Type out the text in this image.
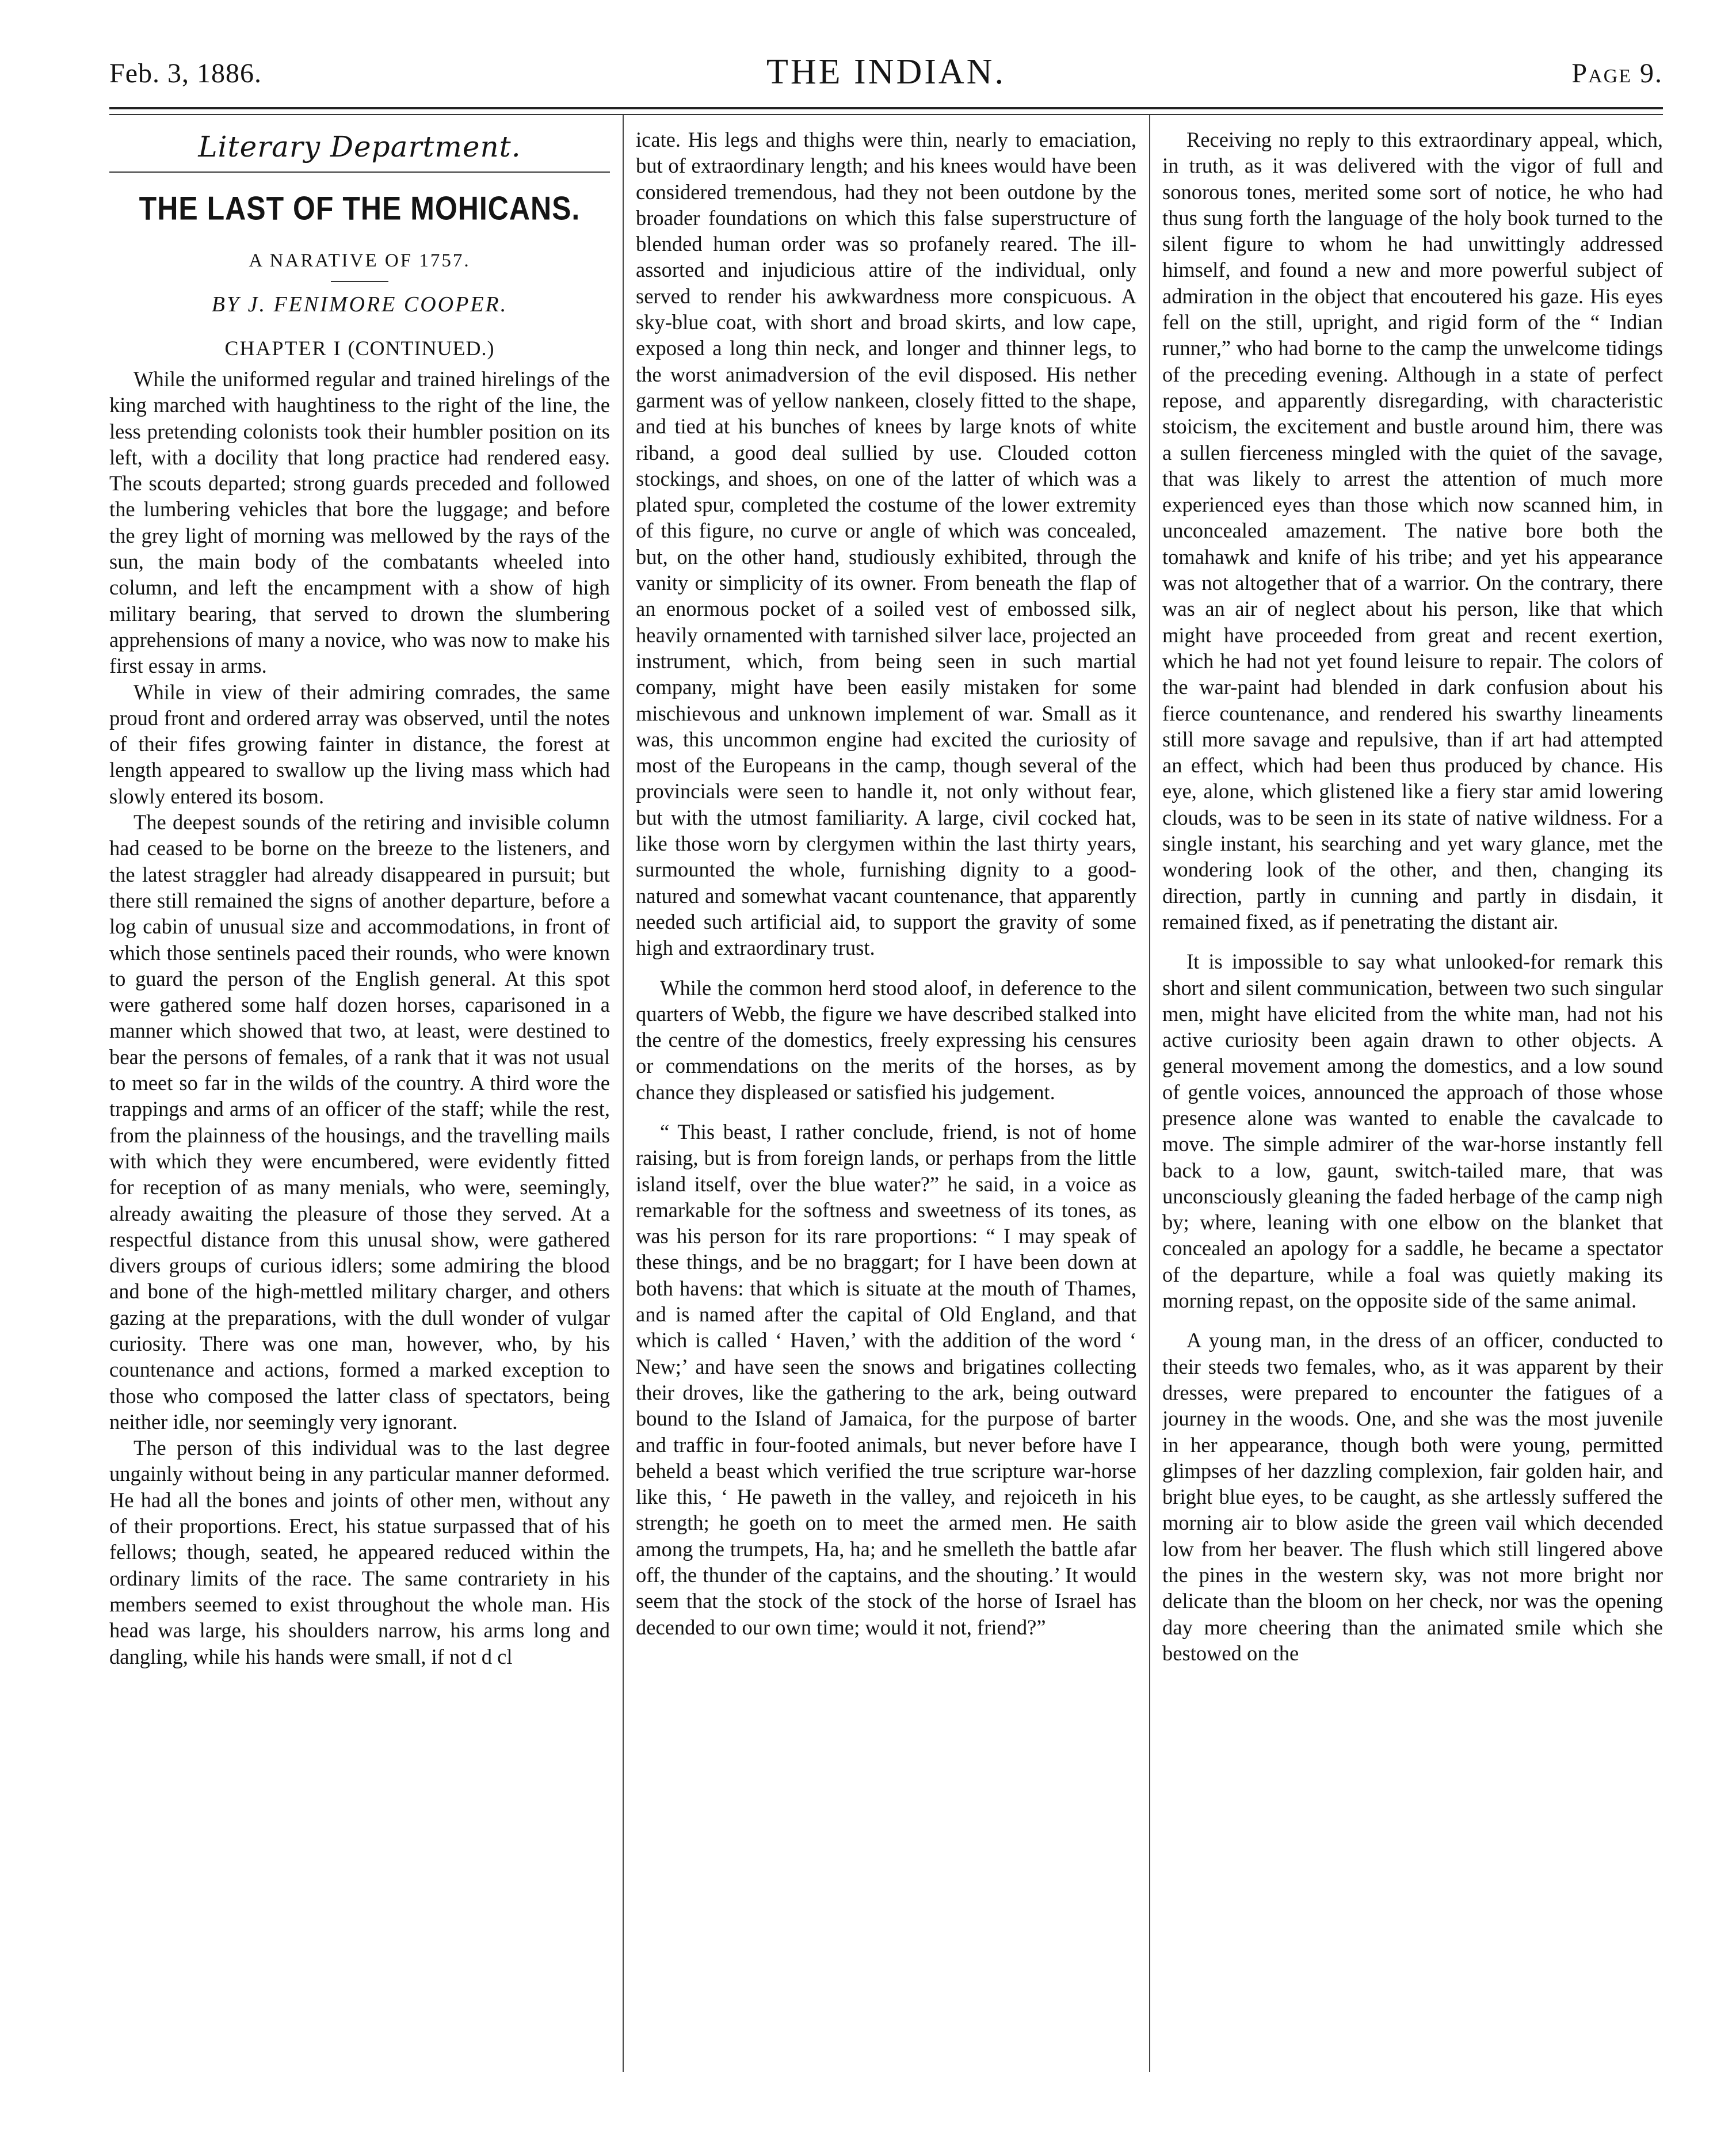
Feb. 3, 1886.	THE INDIAN.	Page 9.
Literary Department.
THE LAST OF THE MOHICANS.
A NARATIVE OF 1757.
BY J. FENIMORE COOPER.
CHAPTER I (CONTINUED.)

While the uniformed regular and trained hirelings of the king marched with haughtiness to the right of the line, the less pretending colonists took their humbler position on its left, with a docility that long practice had rendered easy. The scouts departed; strong guards preceded and followed the lumbering vehicles that bore the luggage; and before the grey light of morning was mellowed by the rays of the sun, the main body of the combatants wheeled into column, and left the encampment with a show of high military bearing, that served to drown the slumbering apprehensions of many a novice, who was now to make his first essay in arms.

While in view of their admiring comrades, the same proud front and ordered array was observed, until the notes of their fifes growing fainter in distance, the forest at length appeared to swallow up the living mass which had slowly entered its bosom.

The deepest sounds of the retiring and invisible column had ceased to be borne on the breeze to the listeners, and the latest straggler had already disappeared in pursuit; but there still remained the signs of another departure, before a log cabin of unusual size and accommodations, in front of which those sentinels paced their rounds, who were known to guard the person of the English general. At this spot were gathered some half dozen horses, caparisoned in a manner which showed that two, at least, were destined to bear the persons of females, of a rank that it was not usual to meet so far in the wilds of the country. A third wore the trappings and arms of an officer of the staff; while the rest, from the plainness of the housings, and the travelling mails with which they were encumbered, were evidently fitted for reception of as many menials, who were, seemingly, already awaiting the pleasure of those they served. At a respectful distance from this unusal show, were gathered divers groups of curious idlers; some admiring the blood and bone of the high-mettled military charger, and others gazing at the preparations, with the dull wonder of vulgar curiosity. There was one man, however, who, by his countenance and actions, formed a marked exception to those who composed the latter class of spectators, being neither idle, nor seemingly very ignorant.

The person of this individual was to the last degree ungainly without being in any particular manner deformed. He had all the bones and joints of other men, without any of their proportions. Erect, his statue surpassed that of his fellows; though, seated, he appeared reduced within the ordinary limits of the race. The same contrariety in his members seemed to exist throughout the whole man. His head was large, his shoulders narrow, his arms long and dangling, while his hands were small, if not d cl

icate. His legs and thighs were thin, nearly to emaciation, but of extraordinary length; and his knees would have been considered tremendous, had they not been outdone by the broader foundations on which this false superstructure of blended human order was so profanely reared. The ill-assorted and injudicious attire of the individual, only served to render his awkwardness more conspicuous. A sky-blue coat, with short and broad skirts, and low cape, exposed a long thin neck, and longer and thinner legs, to the worst animadversion of the evil disposed. His nether garment was of yellow nankeen, closely fitted to the shape, and tied at his bunches of knees by large knots of white riband, a good deal sullied by use. Clouded cotton stockings, and shoes, on one of the latter of which was a plated spur, completed the costume of the lower extremity of this figure, no curve or angle of which was concealed, but, on the other hand, studiously exhibited, through the vanity or simplicity of its owner. From beneath the flap of an enormous pocket of a soiled vest of embossed silk, heavily ornamented with tarnished silver lace, projected an instrument, which, from being seen in such martial company, might have been easily mistaken for some mischievous and unknown implement of war. Small as it was, this uncommon engine had excited the curiosity of most of the Europeans in the camp, though several of the provincials were seen to handle it, not only without fear, but with the utmost familiarity. A large, civil cocked hat, like those worn by clergymen within the last thirty years, surmounted the whole, furnishing dignity to a good-natured and somewhat vacant countenance, that apparently needed such artificial aid, to support the gravity of some high and extraordinary trust.

While the common herd stood aloof, in deference to the quarters of Webb, the figure we have described stalked into the centre of the domestics, freely expressing his censures or commendations on the merits of the horses, as by chance they displeased or satisfied his judgement.

“ This beast, I rather conclude, friend, is not of home raising, but is from foreign lands, or perhaps from the little island itself, over the blue water?” he said, in a voice as remarkable for the softness and sweetness of its tones, as was his person for its rare proportions: “ I may speak of these things, and be no braggart; for I have been down at both havens: that which is situate at the mouth of Thames, and is named after the capital of Old England, and that which is called ‘ Haven,’ with the addition of the word ‘ New;’ and have seen the snows and brigatines collecting their droves, like the gathering to the ark, being outward bound to the Island of Jamaica, for the purpose of barter and traffic in four-footed animals, but never before have I beheld a beast which verified the true scripture war-horse like this, ‘ He paweth in the valley, and rejoiceth in his strength; he goeth on to meet the armed men. He saith among the trumpets, Ha, ha; and he smelleth the battle afar off, the thunder of the captains, and the shouting.’ It would seem that the stock of the stock of the horse of Israel has decended to our own time; would it not, friend?”

Receiving no reply to this extraordinary appeal, which, in truth, as it was delivered with the vigor of full and sonorous tones, merited some sort of notice, he who had thus sung forth the language of the holy book turned to the silent figure to whom he had unwittingly addressed himself, and found a new and more powerful subject of admiration in the object that encoutered his gaze. His eyes fell on the still, upright, and rigid form of the “ Indian runner,” who had borne to the camp the unwelcome tidings of the preceding evening. Although in a state of perfect repose, and apparently disregarding, with characteristic stoicism, the excitement and bustle around him, there was a sullen fierceness mingled with the quiet of the savage, that was likely to arrest the attention of much more experienced eyes than those which now scanned him, in unconcealed amazement. The native bore both the tomahawk and knife of his tribe; and yet his appearance was not altogether that of a warrior. On the contrary, there was an air of neglect about his person, like that which might have proceeded from great and recent exertion, which he had not yet found leisure to repair. The colors of the war-paint had blended in dark confusion about his fierce countenance, and rendered his swarthy lineaments still more savage and repulsive, than if art had attempted an effect, which had been thus produced by chance. His eye, alone, which glistened like a fiery star amid lowering clouds, was to be seen in its state of native wildness. For a single instant, his searching and yet wary glance, met the wondering look of the other, and then, changing its direction, partly in cunning and partly in disdain, it remained fixed, as if penetrating the distant air.

It is impossible to say what unlooked-for remark this short and silent communication, between two such singular men, might have elicited from the white man, had not his active curiosity been again drawn to other objects. A general movement among the domestics, and a low sound of gentle voices, announced the approach of those whose presence alone was wanted to enable the cavalcade to move. The simple admirer of the war-horse instantly fell back to a low, gaunt, switch-tailed mare, that was unconsciously gleaning the faded herbage of the camp nigh by; where, leaning with one elbow on the blanket that concealed an apology for a saddle, he became a spectator of the departure, while a foal was quietly making its morning repast, on the opposite side of the same animal.

A young man, in the dress of an officer, conducted to their steeds two females, who, as it was apparent by their dresses, were prepared to encounter the fatigues of a journey in the woods. One, and she was the most juvenile in her appearance, though both were young, permitted glimpses of her dazzling complexion, fair golden hair, and bright blue eyes, to be caught, as she artlessly suffered the morning air to blow aside the green vail which decended low from her beaver. The flush which still lingered above the pines in the western sky, was not more bright nor delicate than the bloom on her check, nor was the opening day more cheering than the animated smile which she bestowed on the
